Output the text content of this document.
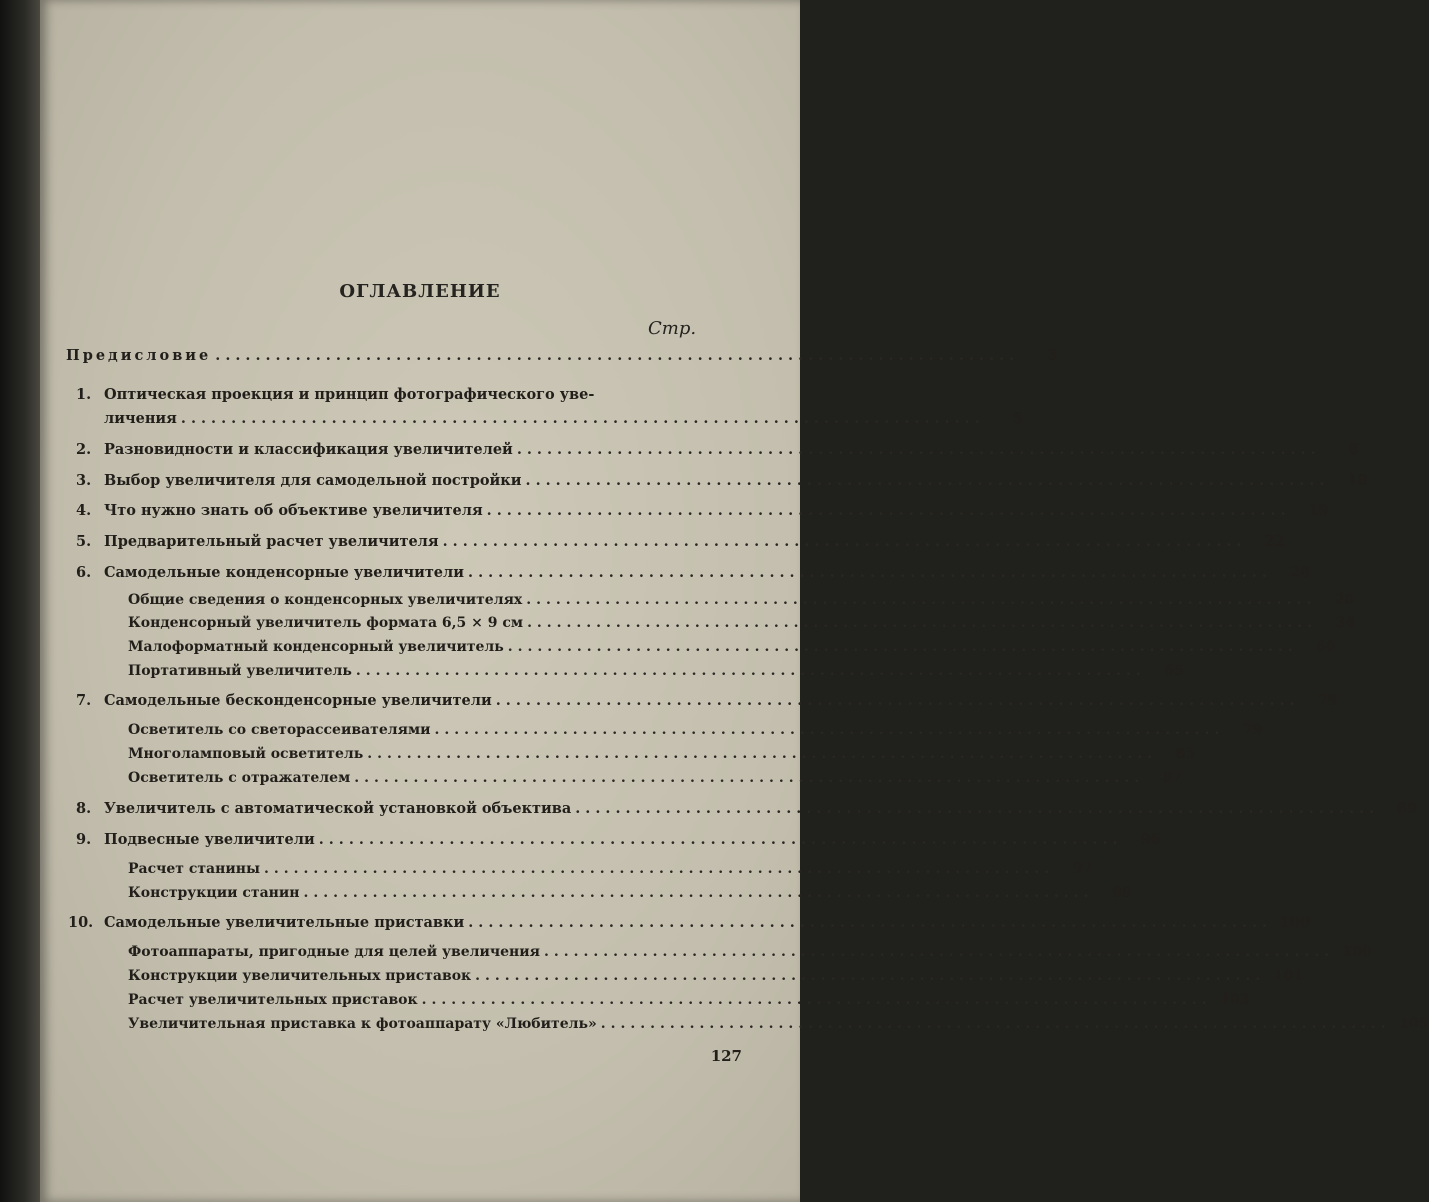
ОГЛАВЛЕНИЕ
Стр.
Предисловие ................................................................................	3
1. Оптическая проекция и принцип фотографического уве-
личения ................................................................................	5
2. Разновидности и классификация увеличителей ................................................................................	8
3. Выбор увеличителя для самодельной постройки ................................................................................	18
4. Что нужно знать об объективе увеличителя ................................................................................	19
5. Предварительный расчет увеличителя ................................................................................	22
6. Самодельные конденсорные увеличители ................................................................................	28
Общие сведения о конденсорных увеличителях ................................................................................	28
Конденсорный увеличитель формата 6,5 × 9 см ................................................................................	34
Малоформатный конденсорный увеличитель ................................................................................	60
Портативный увеличитель ................................................................................	65
7. Самодельные бесконденсорные увеличители ................................................................................	79
Осветитель со светорассеивателями ................................................................................	79
Многоламповый осветитель ................................................................................	85
Осветитель с отражателем ................................................................................	87
8. Увеличитель с автоматической установкой объектива ................................................................................	89
9. Подвесные увеличители ................................................................................	96
Расчет станины ................................................................................	97
Конструкции станин ................................................................................	98
10. Самодельные увеличительные приставки ................................................................................ 100
Фотоаппараты, пригодные для целей увеличения ................................................................................ 100
Конструкции увеличительных приставок ................................................................................ 101
Расчет увеличительных приставок ................................................................................ 103
Увеличительная приставка к фотоаппарату «Любитель» ................................................................................ 105
127
